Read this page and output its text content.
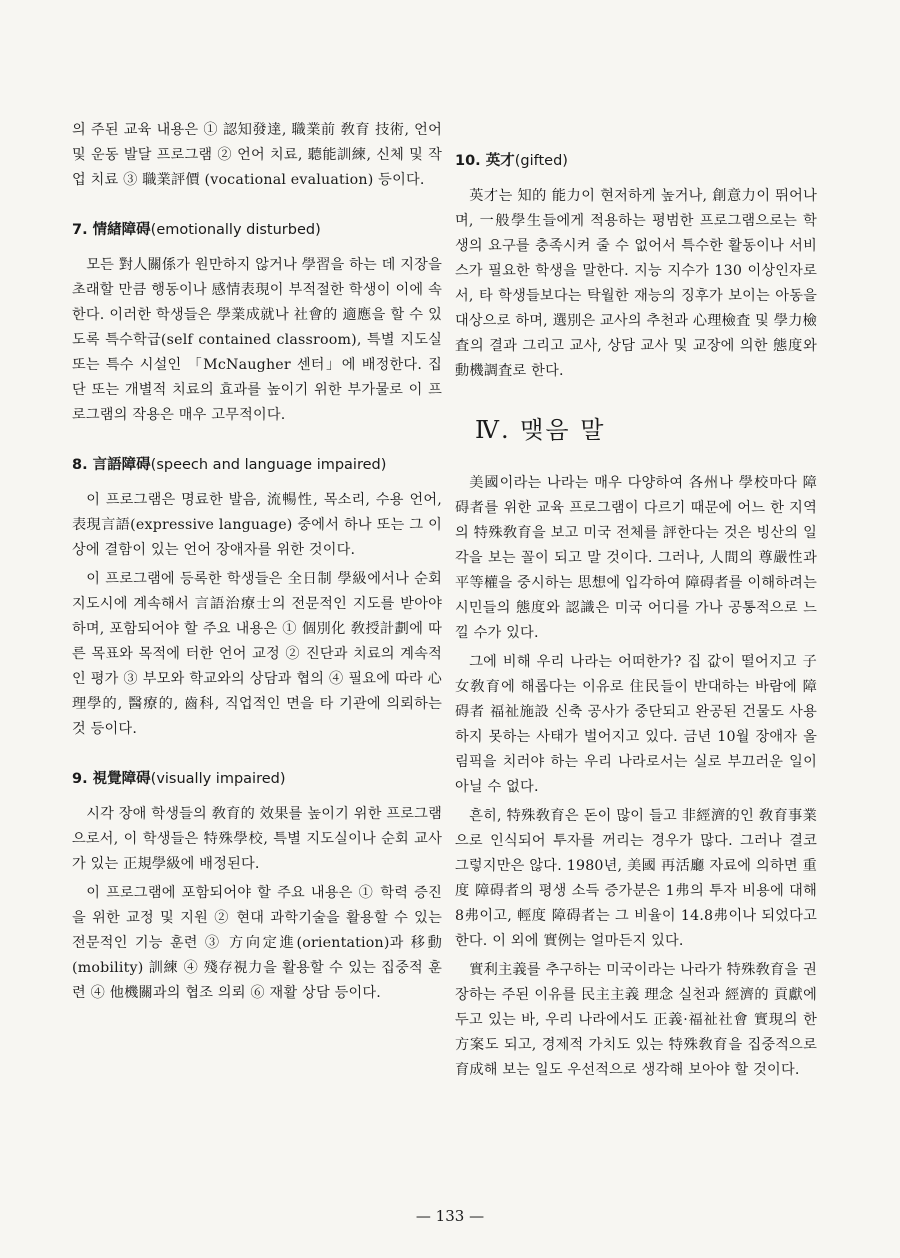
의 주된 교육 내용은 ① 認知發達, 職業前 敎育 技術, 언어 및 운동 발달 프로그램 ② 언어 치료, 聽能訓練, 신체 및 작업 치료 ③ 職業評價 (vocational evaluation) 등이다.

7. 情緖障碍(emotionally disturbed)

모든 對人關係가 원만하지 않거나 學習을 하는 데 지장을 초래할 만큼 행동이나 感情表現이 부적절한 학생이 이에 속한다. 이러한 학생들은 學業成就나 社會的 適應을 할 수 있도록 특수학급(self contained classroom), 특별 지도실 또는 특수 시설인 「McNaugher 센터」에 배정한다. 집단 또는 개별적 치료의 효과를 높이기 위한 부가물로 이 프로그램의 작용은 매우 고무적이다.

8. 言語障碍(speech and language impaired)

이 프로그램은 명료한 발음, 流暢性, 목소리, 수용 언어, 表現言語(expressive language) 중에서 하나 또는 그 이상에 결함이 있는 언어 장애자를 위한 것이다.

이 프로그램에 등록한 학생들은 全日制 學級에서나 순회 지도시에 계속해서 言語治療士의 전문적인 지도를 받아야 하며, 포함되어야 할 주요 내용은 ① 個別化 敎授計劃에 따른 목표와 목적에 터한 언어 교정 ② 진단과 치료의 계속적인 평가 ③ 부모와 학교와의 상담과 협의 ④ 필요에 따라 心理學的, 醫療的, 齒科, 직업적인 면을 타 기관에 의뢰하는 것 등이다.

9. 視覺障碍(visually impaired)

시각 장애 학생들의 敎育的 效果를 높이기 위한 프로그램으로서, 이 학생들은 特殊學校, 특별 지도실이나 순회 교사가 있는 正規學級에 배정된다.

이 프로그램에 포함되어야 할 주요 내용은 ① 학력 증진을 위한 교정 및 지원 ② 현대 과학기술을 활용할 수 있는 전문적인 기능 훈련 ③ 方向定進(orientation)과 移動(mobility) 訓練 ④ 殘存視力을 활용할 수 있는 집중적 훈련 ④ 他機關과의 협조 의뢰 ⑥ 재활 상담 등이다.

10. 英才(gifted)

英才는 知的 能力이 현저하게 높거나, 創意力이 뛰어나며, 一般學生들에게 적용하는 평범한 프로그램으로는 학생의 요구를 충족시켜 줄 수 없어서 특수한 활동이나 서비스가 필요한 학생을 말한다. 지능 지수가 130 이상인자로서, 타 학생들보다는 탁월한 재능의 징후가 보이는 아동을 대상으로 하며, 選別은 교사의 추천과 心理檢査 및 學力檢査의 결과 그리고 교사, 상담 교사 및 교장에 의한 態度와 動機調査로 한다.

Ⅳ. 맺음 말

美國이라는 나라는 매우 다양하여 各州나 學校마다 障碍者를 위한 교육 프로그램이 다르기 때문에 어느 한 지역의 特殊敎育을 보고 미국 전체를 評한다는 것은 빙산의 일각을 보는 꼴이 되고 말 것이다. 그러나, 人間의 尊嚴性과 平等權을 중시하는 思想에 입각하여 障碍者를 이해하려는 시민들의 態度와 認識은 미국 어디를 가나 공통적으로 느낄 수가 있다.

그에 비해 우리 나라는 어떠한가? 집 값이 떨어지고 子女敎育에 해롭다는 이유로 住民들이 반대하는 바람에 障碍者 福祉施設 신축 공사가 중단되고 완공된 건물도 사용하지 못하는 사태가 벌어지고 있다. 금년 10월 장애자 올림픽을 치러야 하는 우리 나라로서는 실로 부끄러운 일이 아닐 수 없다.

흔히, 特殊敎育은 돈이 많이 들고 非經濟的인 敎育事業으로 인식되어 투자를 꺼리는 경우가 많다. 그러나 결코 그렇지만은 않다. 1980년, 美國 再活廳 자료에 의하면 重度 障碍者의 평생 소득 증가분은 1弗의 투자 비용에 대해 8弗이고, 輕度 障碍者는 그 비율이 14.8弗이나 되었다고 한다. 이 외에 實例는 얼마든지 있다.

實利主義를 추구하는 미국이라는 나라가 特殊敎育을 권장하는 주된 이유를 民主主義 理念 실천과 經濟的 貢獻에 두고 있는 바, 우리 나라에서도 正義·福祉社會 實現의 한 方案도 되고, 경제적 가치도 있는 特殊敎育을 집중적으로 育成해 보는 일도 우선적으로 생각해 보아야 할 것이다.

— 133 —
